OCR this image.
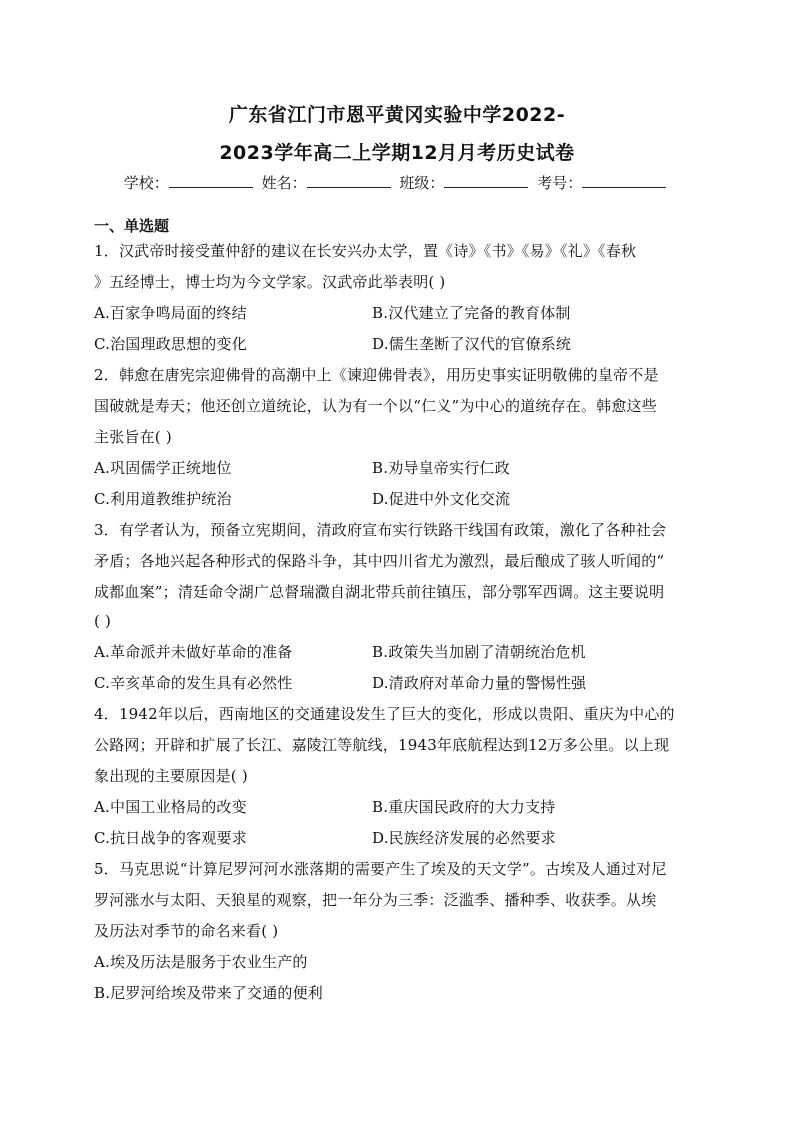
广东省江门市恩平黄冈实验中学2022-
2023学年高二上学期12月月考历史试卷
学校：	姓名：	班级：	考号：
一、单选题
1．汉武帝时接受董仲舒的建议在长安兴办太学，置《诗》《书》《易》《礼》《春秋
》五经博士，博士均为今文学家。汉武帝此举表明( )
A.百家争鸣局面的终结	B.汉代建立了完备的教育体制
C.治国理政思想的变化	D.儒生垄断了汉代的官僚系统
2．韩愈在唐宪宗迎佛骨的高潮中上《谏迎佛骨表》，用历史事实证明敬佛的皇帝不是
国破就是寿天；他还创立道统论，认为有一个以“仁义”为中心的道统存在。韩愈这些
主张旨在( )
A.巩固儒学正统地位	B.劝导皇帝实行仁政
C.利用道教维护统治	D.促进中外文化交流
3．有学者认为，预备立宪期间，清政府宣布实行铁路干线国有政策，激化了各种社会
矛盾；各地兴起各种形式的保路斗争，其中四川省尤为激烈，最后酿成了骇人听闻的“
成都血案”；清廷命令湖广总督瑞瀓自湖北带兵前往镇压，部分鄂军西调。这主要说明
( )
A.革命派并未做好革命的准备	B.政策失当加剧了清朝统治危机
C.辛亥革命的发生具有必然性	D.清政府对革命力量的警惕性强
4．1942年以后，西南地区的交通建设发生了巨大的变化，形成以贵阳、重庆为中心的
公路网；开辟和扩展了长江、嘉陵江等航线，1943年底航程达到12万多公里。以上现
象出现的主要原因是( )
A.中国工业格局的改变	B.重庆国民政府的大力支持
C.抗日战争的客观要求	D.民族经济发展的必然要求
5．马克思说“计算尼罗河河水涨落期的需要产生了埃及的天文学”。古埃及人通过对尼
罗河涨水与太阳、天狼星的观察，把一年分为三季：泛滥季、播种季、收获季。从埃
及历法对季节的命名来看( )
A.埃及历法是服务于农业生产的
B.尼罗河给埃及带来了交通的便利
